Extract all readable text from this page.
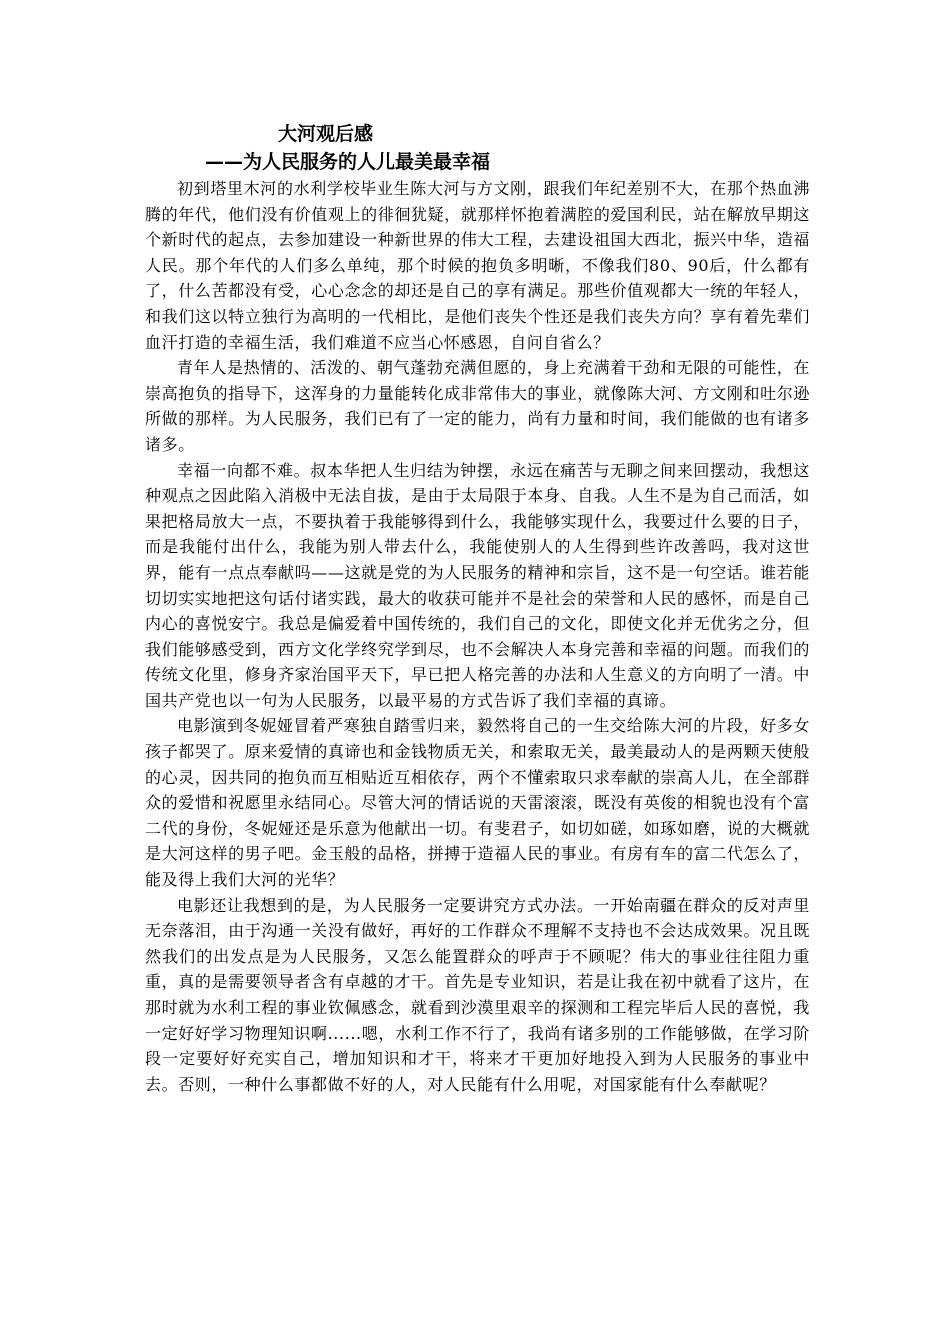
大河观后感
——为人民服务的人儿最美最幸福

初到塔里木河的水利学校毕业生陈大河与方文刚，跟我们年纪差别不大，在那个热血沸腾的年代，他们没有价值观上的徘徊犹疑，就那样怀抱着满腔的爱国利民，站在解放早期这个新时代的起点，去参加建设一种新世界的伟大工程，去建设祖国大西北，振兴中华，造福人民。那个年代的人们多么单纯，那个时候的抱负多明晰，不像我们80、90后，什么都有了，什么苦都没有受，心心念念的却还是自己的享有满足。那些价值观都大一统的年轻人，和我们这以特立独行为高明的一代相比，是他们丧失个性还是我们丧失方向？享有着先辈们血汗打造的幸福生活，我们难道不应当心怀感恩，自问自省么？

青年人是热情的、活泼的、朝气蓬勃充满但愿的，身上充满着干劲和无限的可能性，在崇高抱负的指导下，这浑身的力量能转化成非常伟大的事业，就像陈大河、方文刚和吐尔逊所做的那样。为人民服务，我们已有了一定的能力，尚有力量和时间，我们能做的也有诸多诸多。

幸福一向都不难。叔本华把人生归结为钟摆，永远在痛苦与无聊之间来回摆动，我想这种观点之因此陷入消极中无法自拔，是由于太局限于本身、自我。人生不是为自己而活，如果把格局放大一点，不要执着于我能够得到什么，我能够实现什么，我要过什么要的日子，而是我能付出什么，我能为别人带去什么，我能使别人的人生得到些许改善吗，我对这世界，能有一点点奉献吗——这就是党的为人民服务的精神和宗旨，这不是一句空话。谁若能切切实实地把这句话付诸实践，最大的收获可能并不是社会的荣誉和人民的感怀，而是自己内心的喜悦安宁。我总是偏爱着中国传统的，我们自己的文化，即使文化并无优劣之分，但我们能够感受到，西方文化学终究学到尽，也不会解决人本身完善和幸福的问题。而我们的传统文化里，修身齐家治国平天下，早已把人格完善的办法和人生意义的方向明了一清。中国共产党也以一句为人民服务，以最平易的方式告诉了我们幸福的真谛。

电影演到冬妮娅冒着严寒独自踏雪归来，毅然将自己的一生交给陈大河的片段，好多女孩子都哭了。原来爱情的真谛也和金钱物质无关，和索取无关，最美最动人的是两颗天使般的心灵，因共同的抱负而互相贴近互相依存，两个不懂索取只求奉献的崇高人儿，在全部群众的爱惜和祝愿里永结同心。尽管大河的情话说的天雷滚滚，既没有英俊的相貌也没有个富二代的身份，冬妮娅还是乐意为他献出一切。有斐君子，如切如磋，如琢如磨，说的大概就是大河这样的男子吧。金玉般的品格，拼搏于造福人民的事业。有房有车的富二代怎么了，能及得上我们大河的光华？

电影还让我想到的是，为人民服务一定要讲究方式办法。一开始南疆在群众的反对声里无奈落泪，由于沟通一关没有做好，再好的工作群众不理解不支持也不会达成效果。况且既然我们的出发点是为人民服务，又怎么能置群众的呼声于不顾呢？伟大的事业往往阻力重重，真的是需要领导者含有卓越的才干。首先是专业知识，若是让我在初中就看了这片，在那时就为水利工程的事业钦佩感念，就看到沙漠里艰辛的探测和工程完毕后人民的喜悦，我一定好好学习物理知识啊......嗯，水利工作不行了，我尚有诸多别的工作能够做，在学习阶段一定要好好充实自己，增加知识和才干，将来才干更加好地投入到为人民服务的事业中去。否则，一种什么事都做不好的人，对人民能有什么用呢，对国家能有什么奉献呢？
